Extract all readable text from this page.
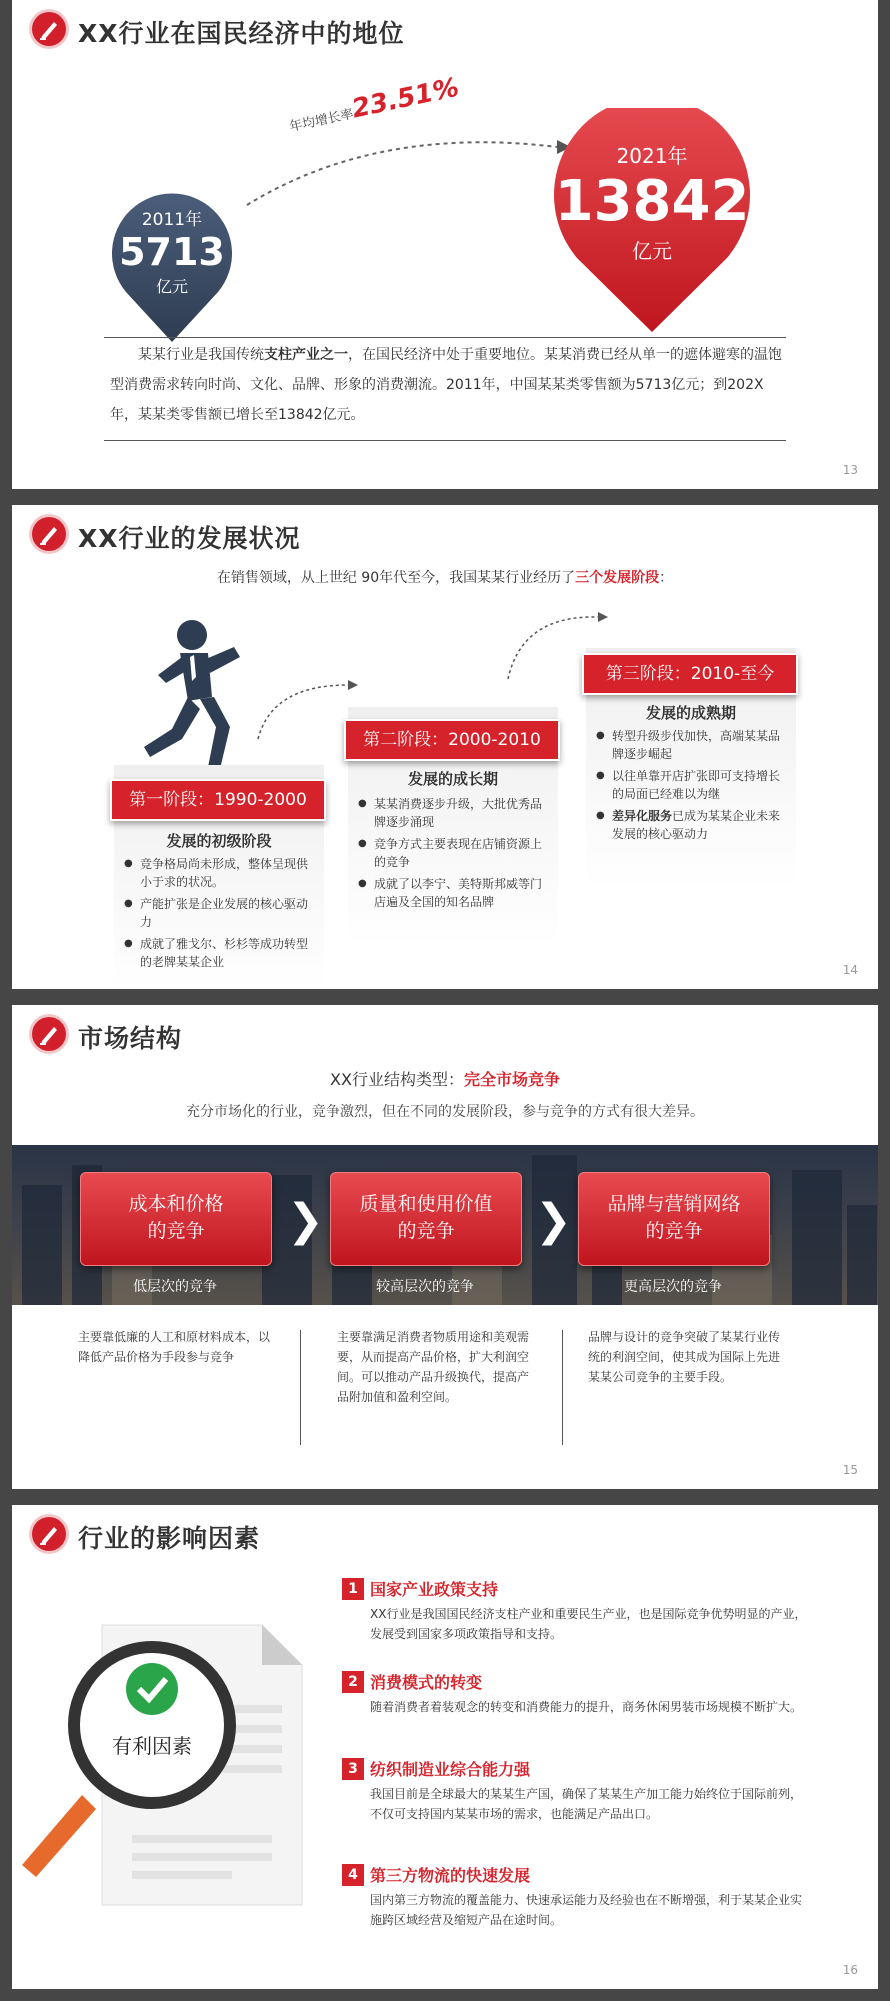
XX行业在国民经济中的地位
年均增长率23.51%
2011年
5713
亿元
2021年
13842
亿元
某某行业是我国传统支柱产业之一，在国民经济中处于重要地位。某某消费已经从单一的遮体避寒的温饱型消费需求转向时尚、文化、品牌、形象的消费潮流。2011年，中国某某类零售额为5713亿元；到202X年，某某类零售额已增长至13842亿元。
13
XX行业的发展状况
在销售领域，从上世纪 90年代至今，我国某某行业经历了三个发展阶段：
第一阶段：1990-2000
发展的初级阶段
● 竞争格局尚未形成，整体呈现供小于求的状况。
● 产能扩张是企业发展的核心驱动力
● 成就了雅戈尔、杉杉等成功转型的老牌某某企业
第二阶段：2000-2010
发展的成长期
● 某某消费逐步升级，大批优秀品牌逐步涌现
● 竞争方式主要表现在店铺资源上的竞争
● 成就了以李宁、美特斯邦威等门店遍及全国的知名品牌
第三阶段：2010-至今
发展的成熟期
● 转型升级步伐加快，高端某某品牌逐步崛起
● 以往单靠开店扩张即可支持增长的局面已经难以为继
● 差异化服务已成为某某企业未来发展的核心驱动力
14
市场结构
XX行业结构类型：完全市场竞争
充分市场化的行业，竞争激烈，但在不同的发展阶段，参与竞争的方式有很大差异。
成本和价格
的竞争	❯	质量和使用价值
的竞争	❯	品牌与营销网络
的竞争
低层次的竞争	较高层次的竞争	更高层次的竞争
主要靠低廉的人工和原材料成本，以降低产品价格为手段参与竞争
主要靠满足消费者物质用途和美观需要，从而提高产品价格，扩大利润空间。可以推动产品升级换代，提高产品附加值和盈利空间。
品牌与设计的竞争突破了某某行业传统的利润空间，使其成为国际上先进某某公司竞争的主要手段。
15
行业的影响因素
有利因素
1 国家产业政策支持
XX行业是我国国民经济支柱产业和重要民生产业，也是国际竞争优势明显的产业，发展受到国家多项政策指导和支持。
2 消费模式的转变
随着消费者着装观念的转变和消费能力的提升，商务休闲男装市场规模不断扩大。
3 纺织制造业综合能力强
我国目前是全球最大的某某生产国，确保了某某生产加工能力始终位于国际前列，不仅可支持国内某某市场的需求，也能满足产品出口。
4 第三方物流的快速发展
国内第三方物流的覆盖能力、快速承运能力及经验也在不断增强，利于某某企业实施跨区域经营及缩短产品在途时间。
16
